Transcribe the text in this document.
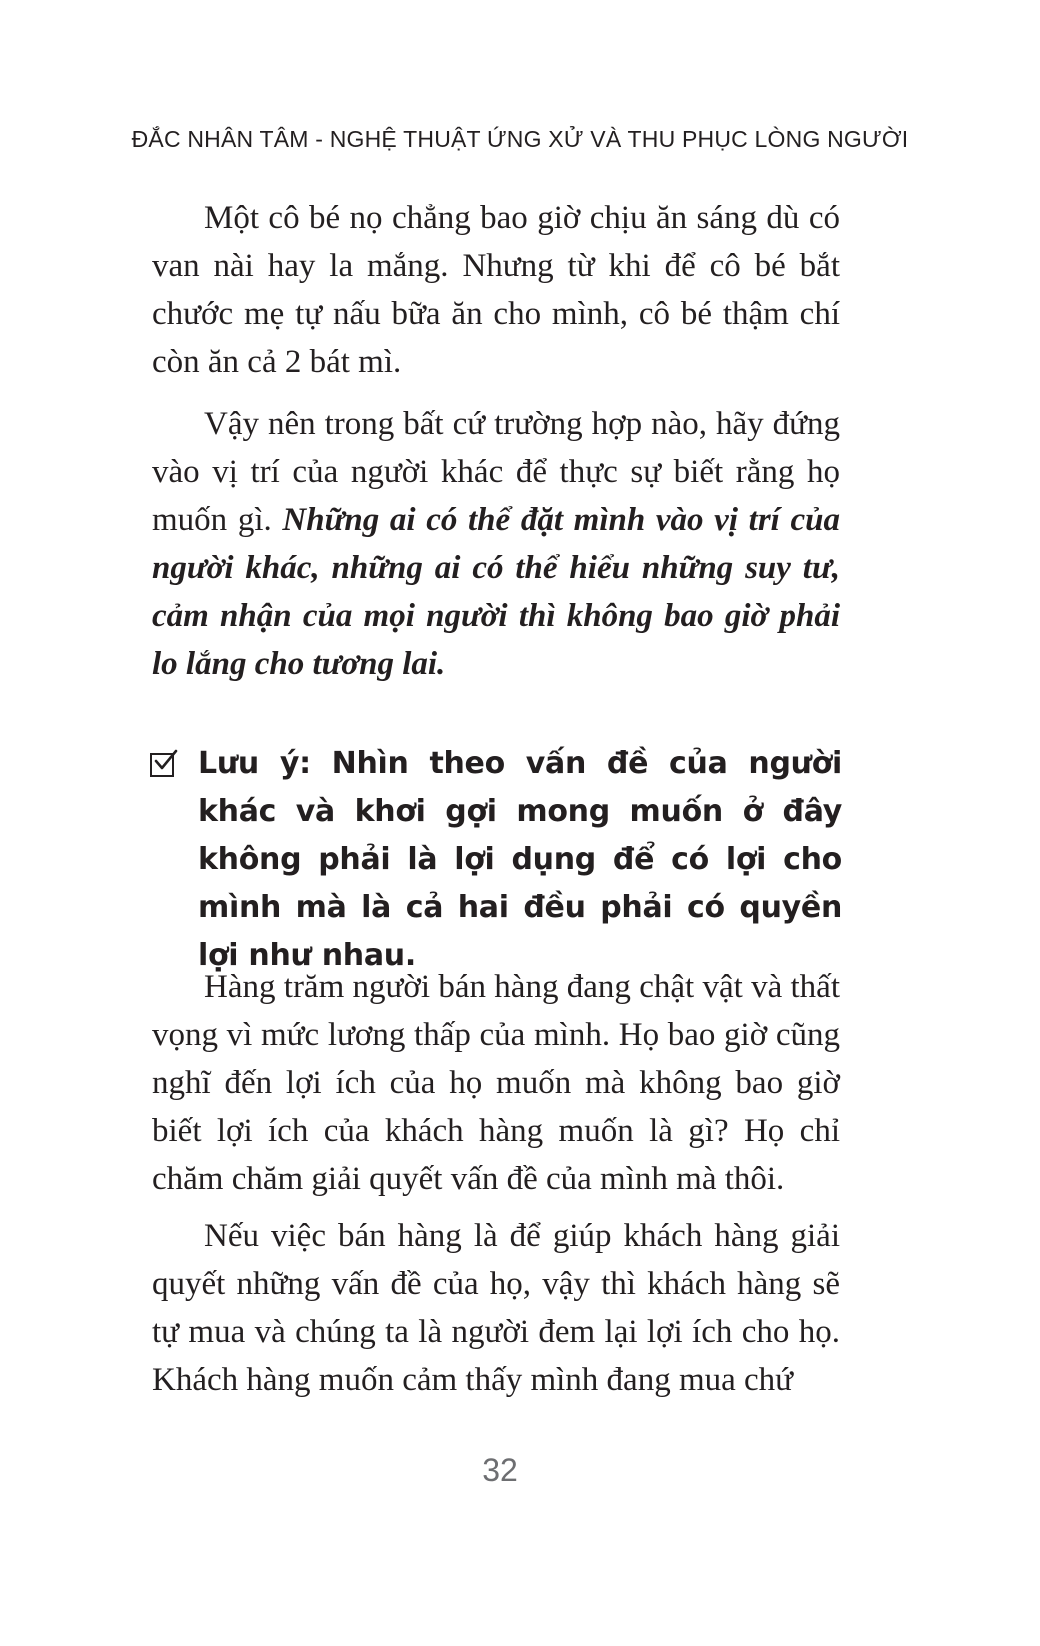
ĐẮC NHÂN TÂM - NGHỆ THUẬT ỨNG XỬ VÀ THU PHỤC LÒNG NGƯỜI

Một cô bé nọ chẳng bao giờ chịu ăn sáng dù có van nài hay la mắng. Nhưng từ khi để cô bé bắt chước mẹ tự nấu bữa ăn cho mình, cô bé thậm chí còn ăn cả 2 bát mì.

Vậy nên trong bất cứ trường hợp nào, hãy đứng vào vị trí của người khác để thực sự biết rằng họ muốn gì. Những ai có thể đặt mình vào vị trí của người khác, những ai có thể hiểu những suy tư, cảm nhận của mọi người thì không bao giờ phải lo lắng cho tương lai.

Lưu ý: Nhìn theo vấn đề của người khác và khơi gợi mong muốn ở đây không phải là lợi dụng để có lợi cho mình mà là cả hai đều phải có quyền lợi như nhau.

Hàng trăm người bán hàng đang chật vật và thất vọng vì mức lương thấp của mình. Họ bao giờ cũng nghĩ đến lợi ích của họ muốn mà không bao giờ biết lợi ích của khách hàng muốn là gì? Họ chỉ chăm chăm giải quyết vấn đề của mình mà thôi.

Nếu việc bán hàng là để giúp khách hàng giải quyết những vấn đề của họ, vậy thì khách hàng sẽ tự mua và chúng ta là người đem lại lợi ích cho họ. Khách hàng muốn cảm thấy mình đang mua chứ

32
